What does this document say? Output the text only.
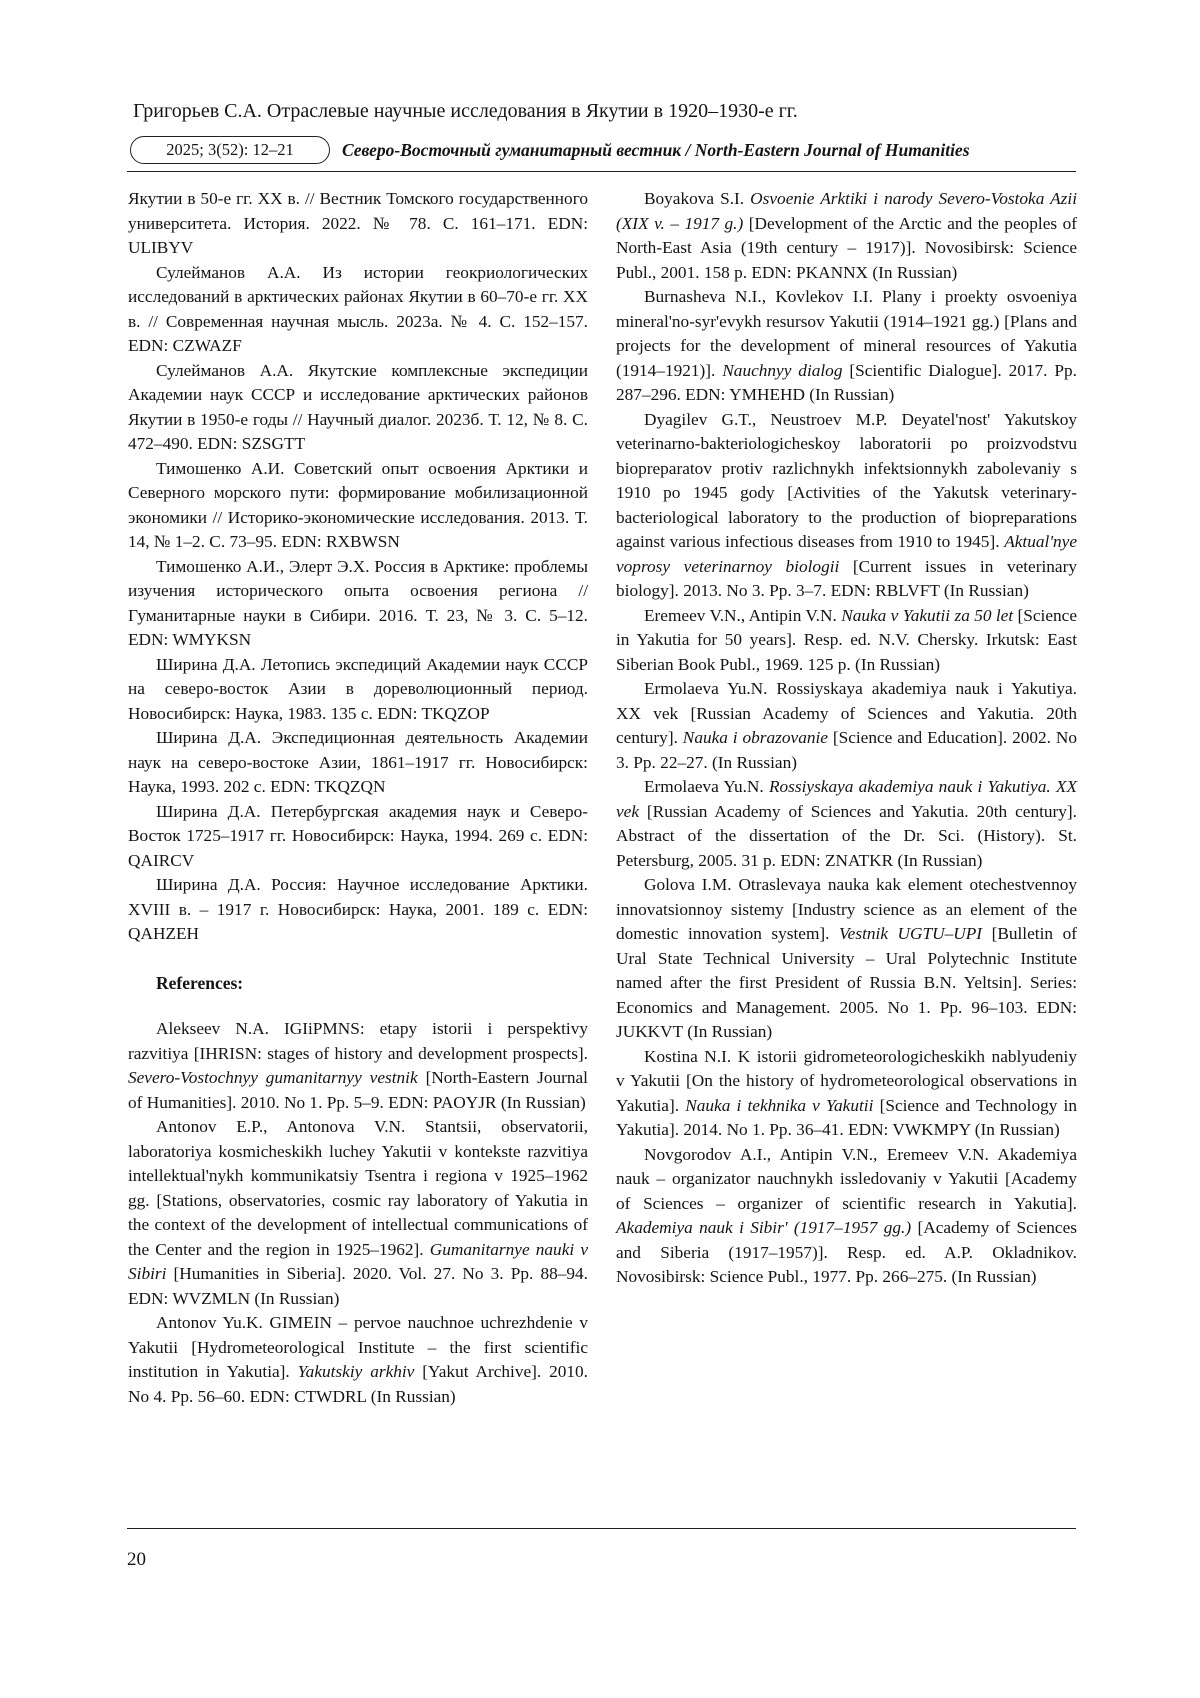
Григорьев С.А. Отраслевые научные исследования в Якутии в 1920–1930-е гг.
2025; 3(52): 12–21	Северо-Восточный гуманитарный вестник / North-Eastern Journal of Humanities

Якутии в 50-е гг. XX в. // Вестник Томского государственного университета. История. 2022. № 78. С. 161–171. EDN: ULIBYV

Сулейманов А.А. Из истории геокриологических исследований в арктических районах Якутии в 60–70-е гг. XX в. // Современная научная мысль. 2023а. № 4. С. 152–157. EDN: CZWAZF

Сулейманов А.А. Якутские комплексные экспедиции Академии наук СССР и исследование арктических районов Якутии в 1950-е годы // Научный диалог. 2023б. Т. 12, № 8. С. 472–490. EDN: SZSGTT

Тимошенко А.И. Советский опыт освоения Арктики и Северного морского пути: формирование мобилизационной экономики // Историко-экономические исследования. 2013. Т. 14, № 1–2. С. 73–95. EDN: RXBWSN

Тимошенко А.И., Элерт Э.Х. Россия в Арктике: проблемы изучения исторического опыта освоения региона // Гуманитарные науки в Сибири. 2016. Т. 23, № 3. С. 5–12. EDN: WMYKSN

Ширина Д.А. Летопись экспедиций Академии наук СССР на северо-восток Азии в дореволюционный период. Новосибирск: Наука, 1983. 135 с. EDN: TKQZOP

Ширина Д.А. Экспедиционная деятельность Академии наук на северо-востоке Азии, 1861–1917 гг. Новосибирск: Наука, 1993. 202 с. EDN: TKQZQN

Ширина Д.А. Петербургская академия наук и Северо-Восток 1725–1917 гг. Новосибирск: Наука, 1994. 269 с. EDN: QAIRCV

Ширина Д.А. Россия: Научное исследование Арктики. XVIII в. – 1917 г. Новосибирск: Наука, 2001. 189 с. EDN: QAHZEH

References:

Alekseev N.A. IGIiPMNS: etapy istorii i perspektivy razvitiya [IHRISN: stages of history and development prospects]. Severo-Vostochnyy gumanitarnyy vestnik [North-Eastern Journal of Humanities]. 2010. No 1. Pp. 5–9. EDN: PAOYJR (In Russian)

Antonov E.P., Antonova V.N. Stantsii, observatorii, laboratoriya kosmicheskikh luchey Yakutii v kontekste razvitiya intellektual'nykh kommunikatsiy Tsentra i regiona v 1925–1962 gg. [Stations, observatories, cosmic ray laboratory of Yakutia in the context of the development of intellectual communications of the Center and the region in 1925–1962]. Gumanitarnye nauki v Sibiri [Humanities in Siberia]. 2020. Vol. 27. No 3. Pp. 88–94. EDN: WVZMLN (In Russian)

Antonov Yu.K. GIMEIN – pervoe nauchnoe uchrezhdenie v Yakutii [Hydrometeorological Institute – the first scientific institution in Yakutia]. Yakutskiy arkhiv [Yakut Archive]. 2010. No 4. Pp. 56–60. EDN: CTWDRL (In Russian)

Boyakova S.I. Osvoenie Arktiki i narody Severo-Vostoka Azii (XIX v. – 1917 g.) [Development of the Arctic and the peoples of North-East Asia (19th century – 1917)]. Novosibirsk: Science Publ., 2001. 158 p. EDN: PKANNX (In Russian)

Burnasheva N.I., Kovlekov I.I. Plany i proekty osvoeniya mineral'no-syr'evykh resursov Yakutii (1914–1921 gg.) [Plans and projects for the development of mineral resources of Yakutia (1914–1921)]. Nauchnyy dialog [Scientific Dialogue]. 2017. Pp. 287–296. EDN: YMHEHD (In Russian)

Dyagilev G.T., Neustroev M.P. Deyatel'nost' Yakutskoy veterinarno-bakteriologicheskoy laboratorii po proizvodstvu biopreparatov protiv razlichnykh infektsionnykh zabolevaniy s 1910 po 1945 gody [Activities of the Yakutsk veterinary-bacteriological laboratory to the production of biopreparations against various infectious diseases from 1910 to 1945]. Aktual'nye voprosy veterinarnoy biologii [Current issues in veterinary biology]. 2013. No 3. Pp. 3–7. EDN: RBLVFT (In Russian)

Eremeev V.N., Antipin V.N. Nauka v Yakutii za 50 let [Science in Yakutia for 50 years]. Resp. ed. N.V. Chersky. Irkutsk: East Siberian Book Publ., 1969. 125 p. (In Russian)

Ermolaeva Yu.N. Rossiyskaya akademiya nauk i Yakutiya. XX vek [Russian Academy of Sciences and Yakutia. 20th century]. Nauka i obrazovanie [Science and Education]. 2002. No 3. Pp. 22–27. (In Russian)

Ermolaeva Yu.N. Rossiyskaya akademiya nauk i Yakutiya. XX vek [Russian Academy of Sciences and Yakutia. 20th century]. Abstract of the dissertation of the Dr. Sci. (History). St. Petersburg, 2005. 31 p. EDN: ZNATKR (In Russian)

Golova I.M. Otraslevaya nauka kak element otechestvennoy innovatsionnoy sistemy [Industry science as an element of the domestic innovation system]. Vestnik UGTU–UPI [Bulletin of Ural State Technical University – Ural Polytechnic Institute named after the first President of Russia B.N. Yeltsin]. Series: Economics and Management. 2005. No 1. Pp. 96–103. EDN: JUKKVT (In Russian)

Kostina N.I. K istorii gidrometeorologicheskikh nablyudeniy v Yakutii [On the history of hydrometeorological observations in Yakutia]. Nauka i tekhnika v Yakutii [Science and Technology in Yakutia]. 2014. No 1. Pp. 36–41. EDN: VWKMPY (In Russian)

Novgorodov A.I., Antipin V.N., Eremeev V.N. Akademiya nauk – organizator nauchnykh issledovaniy v Yakutii [Academy of Sciences – organizer of scientific research in Yakutia]. Akademiya nauk i Sibir' (1917–1957 gg.) [Academy of Sciences and Siberia (1917–1957)]. Resp. ed. A.P. Okladnikov. Novosibirsk: Science Publ., 1977. Pp. 266–275. (In Russian)

20
